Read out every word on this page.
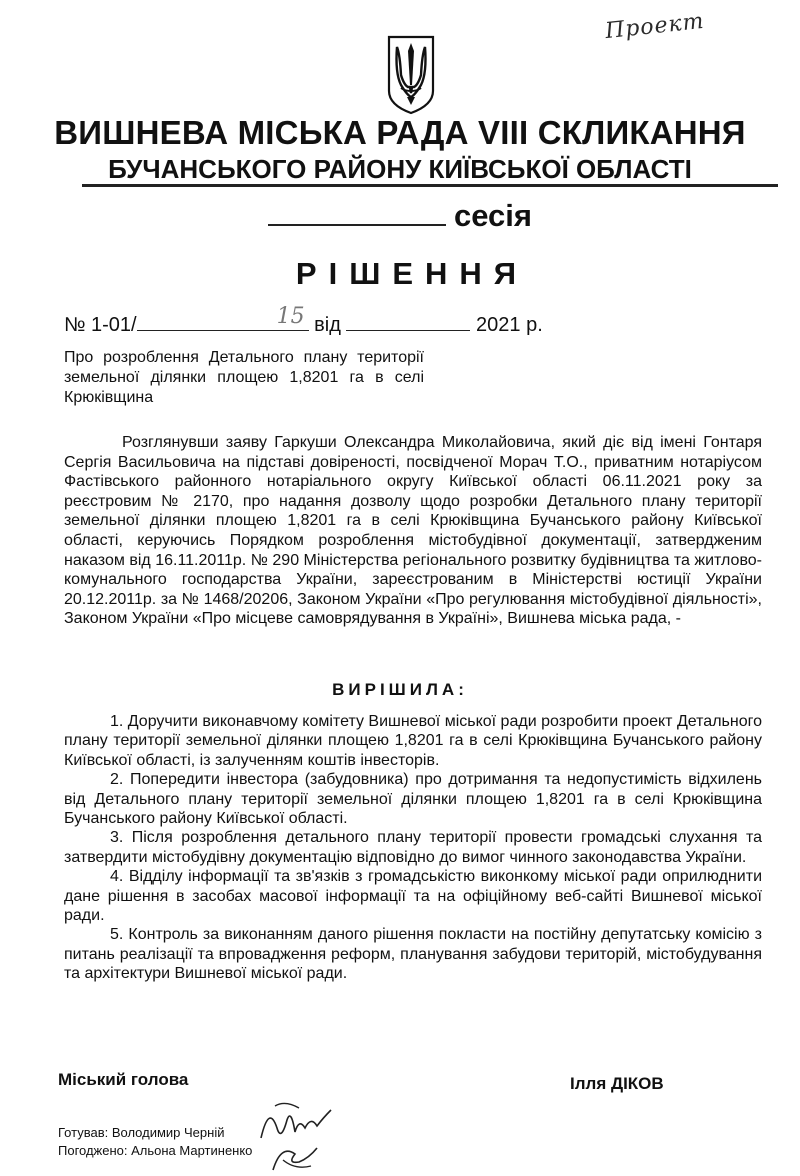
Проект
ВИШНЕВА МІСЬКА РАДА VIII СКЛИКАННЯ
БУЧАНСЬКОГО РАЙОНУ КИЇВСЬКОЇ ОБЛАСТІ
сесія
РІШЕННЯ
№ 1-01/	15 від	2021 р.
Про розроблення Детального плану території земельної ділянки площею 1,8201 га в селі Крюківщина

Розглянувши заяву Гаркуши Олександра Миколайовича, який діє від імені Гонтаря Сергія Васильовича на підставі довіреності, посвідченої Морач Т.О., приватним нотаріусом Фастівського районного нотаріального округу Київської області 06.11.2021 року за реєстровим № 2170, про надання дозволу щодо розробки Детального плану території земельної ділянки площею 1,8201 га в селі Крюківщина Бучанського району Київської області, керуючись Порядком розроблення містобудівної документації, затвердженим наказом від 16.11.2011р. № 290 Міністерства регіонального розвитку будівництва та житлово-комунального господарства України, зареєстрованим в Міністерстві юстиції України 20.12.2011р. за № 1468/20206, Законом України «Про регулювання містобудівної діяльності», Законом України «Про місцеве самоврядування в Україні», Вишнева міська рада, -

ВИРІШИЛА:

1. Доручити виконавчому комітету Вишневої міської ради розробити проект Детального плану території земельної ділянки площею 1,8201 га в селі Крюківщина Бучанського району Київської області, із залученням коштів інвесторів.

2. Попередити інвестора (забудовника) про дотримання та недопустимість відхилень від Детального плану території земельної ділянки площею 1,8201 га в селі Крюківщина Бучанського району Київської області.

3. Після розроблення детального плану території провести громадські слухання та затвердити містобудівну документацію відповідно до вимог чинного законодавства України.

4. Відділу інформації та зв'язків з громадськістю виконкому міської ради оприлюднити дане рішення в засобах масової інформації та на офіційному веб-сайті Вишневої міської ради.

5. Контроль за виконанням даного рішення покласти на постійну депутатську комісію з питань реалізації та впровадження реформ, планування забудови територій, містобудування та архітектури Вишневої міської ради.

Міський голова	Ілля ДІКОВ
Готував: Володимир Черній
Погоджено: Альона Мартиненко
